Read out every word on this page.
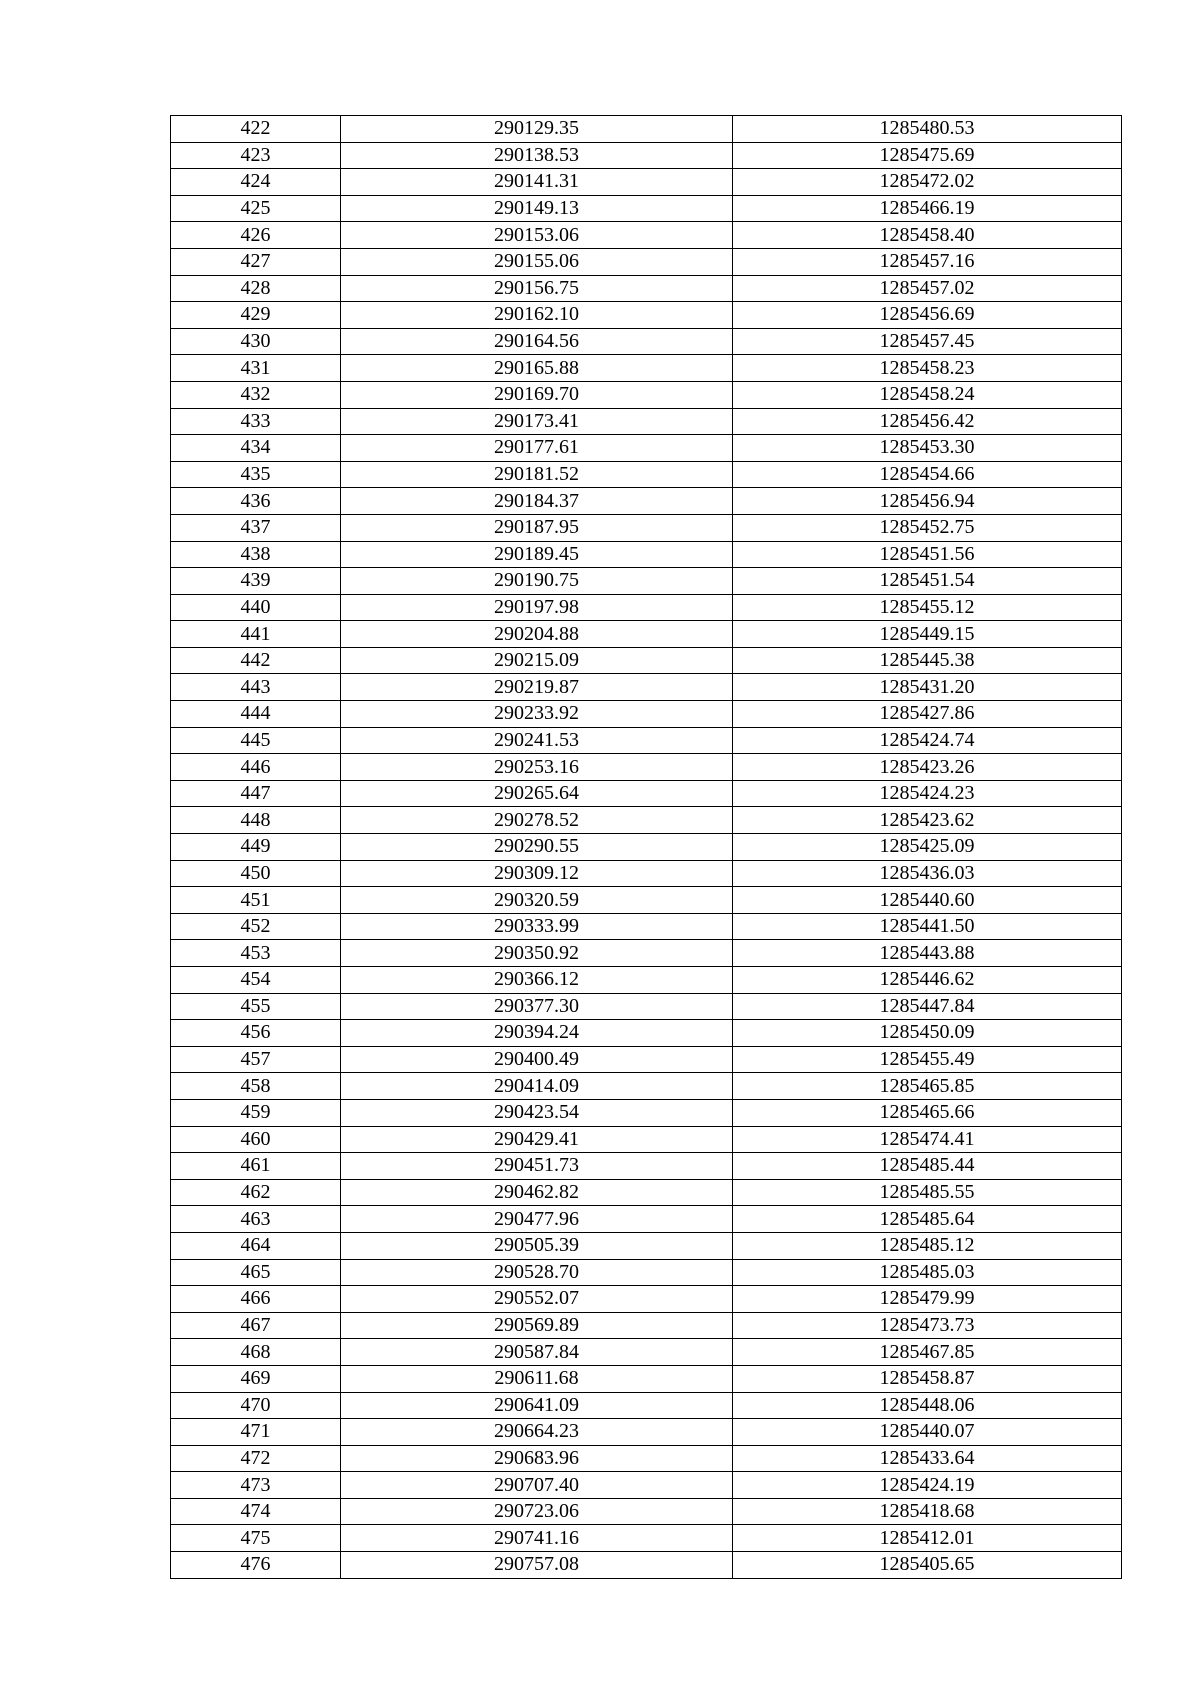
422	290129.35	1285480.53
423	290138.53	1285475.69
424	290141.31	1285472.02
425	290149.13	1285466.19
426	290153.06	1285458.40
427	290155.06	1285457.16
428	290156.75	1285457.02
429	290162.10	1285456.69
430	290164.56	1285457.45
431	290165.88	1285458.23
432	290169.70	1285458.24
433	290173.41	1285456.42
434	290177.61	1285453.30
435	290181.52	1285454.66
436	290184.37	1285456.94
437	290187.95	1285452.75
438	290189.45	1285451.56
439	290190.75	1285451.54
440	290197.98	1285455.12
441	290204.88	1285449.15
442	290215.09	1285445.38
443	290219.87	1285431.20
444	290233.92	1285427.86
445	290241.53	1285424.74
446	290253.16	1285423.26
447	290265.64	1285424.23
448	290278.52	1285423.62
449	290290.55	1285425.09
450	290309.12	1285436.03
451	290320.59	1285440.60
452	290333.99	1285441.50
453	290350.92	1285443.88
454	290366.12	1285446.62
455	290377.30	1285447.84
456	290394.24	1285450.09
457	290400.49	1285455.49
458	290414.09	1285465.85
459	290423.54	1285465.66
460	290429.41	1285474.41
461	290451.73	1285485.44
462	290462.82	1285485.55
463	290477.96	1285485.64
464	290505.39	1285485.12
465	290528.70	1285485.03
466	290552.07	1285479.99
467	290569.89	1285473.73
468	290587.84	1285467.85
469	290611.68	1285458.87
470	290641.09	1285448.06
471	290664.23	1285440.07
472	290683.96	1285433.64
473	290707.40	1285424.19
474	290723.06	1285418.68
475	290741.16	1285412.01
476	290757.08	1285405.65
